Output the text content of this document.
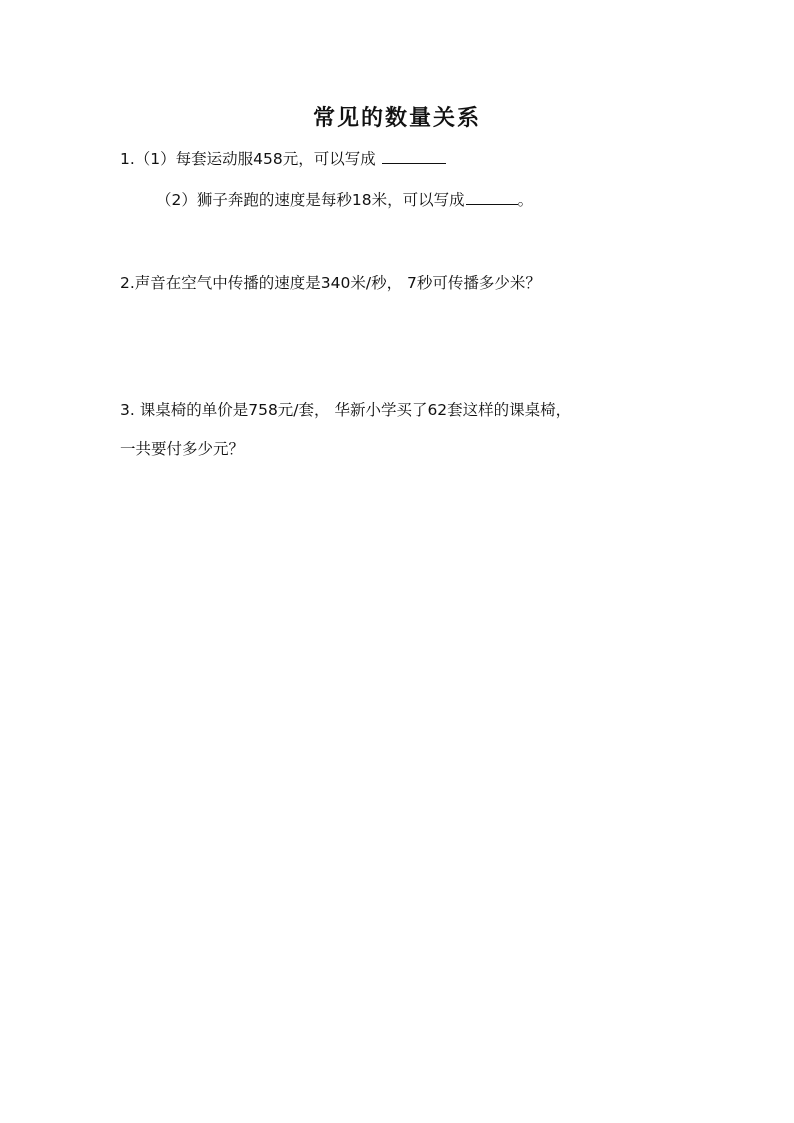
常见的数量关系
1.（1）每套运动服458元，可以写成
（2）狮子奔跑的速度是每秒18米，可以写成	。
2.声音在空气中传播的速度是340米/秒， 7秒可传播多少米？
3. 课桌椅的单价是758元/套， 华新小学买了62套这样的课桌椅，
一共要付多少元？
